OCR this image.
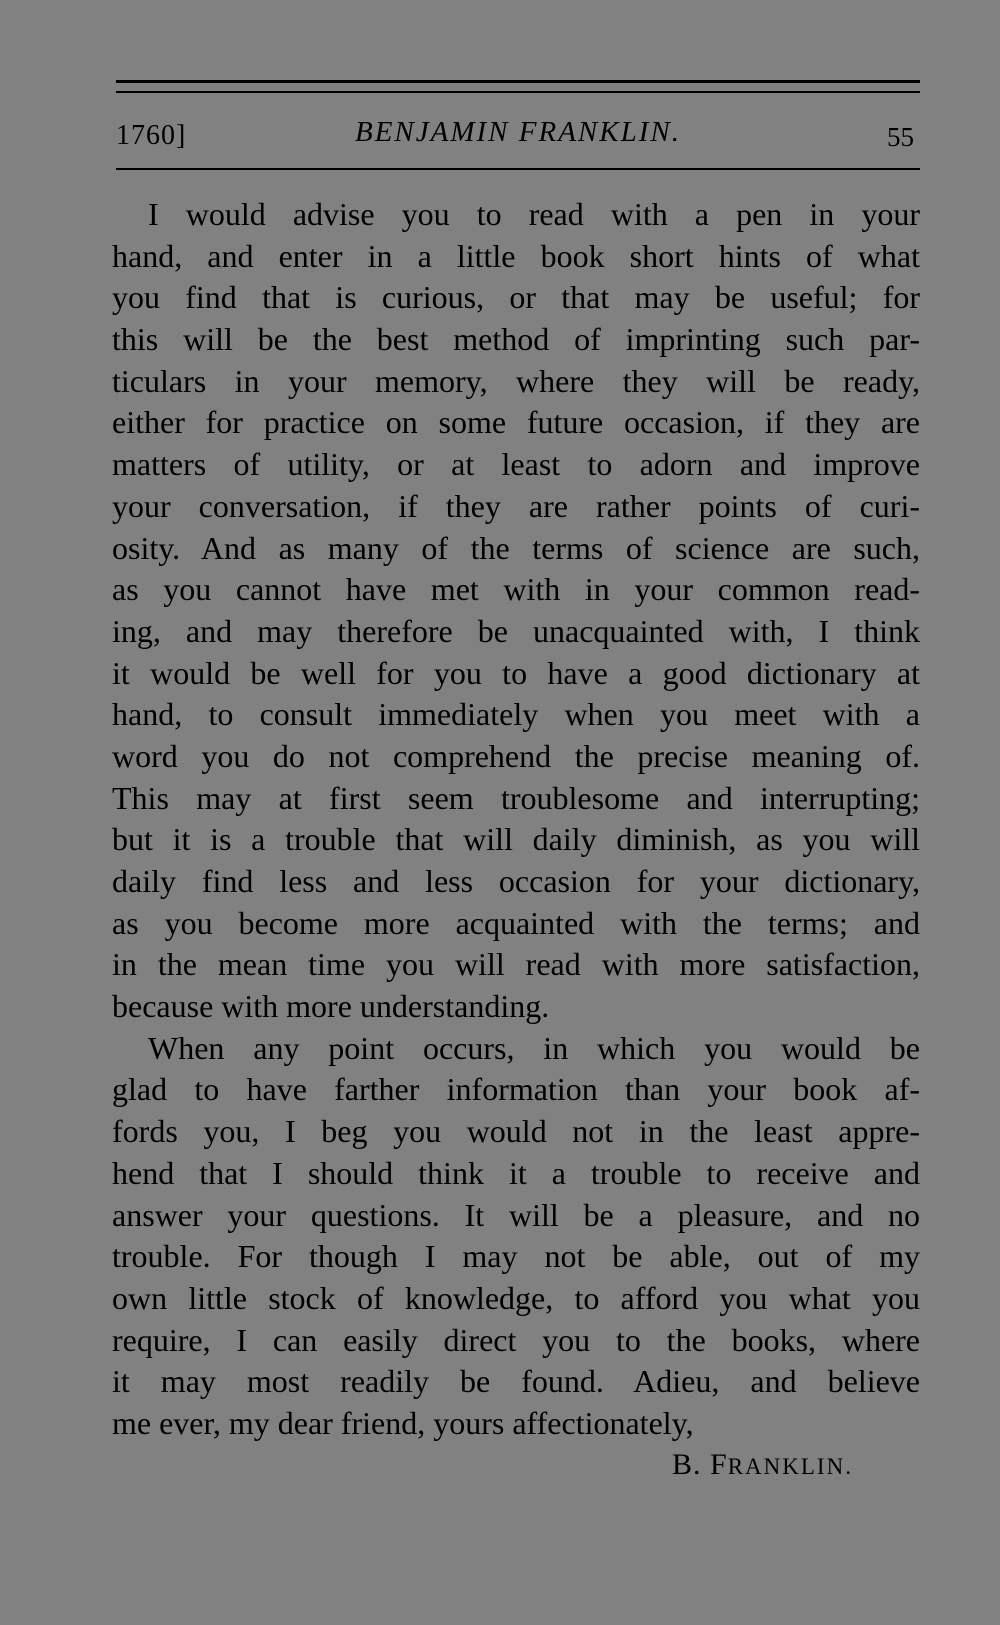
1760]	BENJAMIN FRANKLIN.	55
I would advise you to read with a pen in your
hand, and enter in a little book short hints of what
you find that is curious, or that may be useful; for
this will be the best method of imprinting such par-
ticulars in your memory, where they will be ready,
either for practice on some future occasion, if they are
matters of utility, or at least to adorn and improve
your conversation, if they are rather points of curi-
osity. And as many of the terms of science are such,
as you cannot have met with in your common read-
ing, and may therefore be unacquainted with, I think
it would be well for you to have a good dictionary at
hand, to consult immediately when you meet with a
word you do not comprehend the precise meaning of.
This may at first seem troublesome and interrupting;
but it is a trouble that will daily diminish, as you will
daily find less and less occasion for your dictionary,
as you become more acquainted with the terms; and
in the mean time you will read with more satisfaction,
because with more understanding.
When any point occurs, in which you would be
glad to have farther information than your book af-
fords you, I beg you would not in the least appre-
hend that I should think it a trouble to receive and
answer your questions. It will be a pleasure, and no
trouble. For though I may not be able, out of my
own little stock of knowledge, to afford you what you
require, I can easily direct you to the books, where
it may most readily be found. Adieu, and believe
me ever, my dear friend, yours affectionately,
B. FRANKLIN.
